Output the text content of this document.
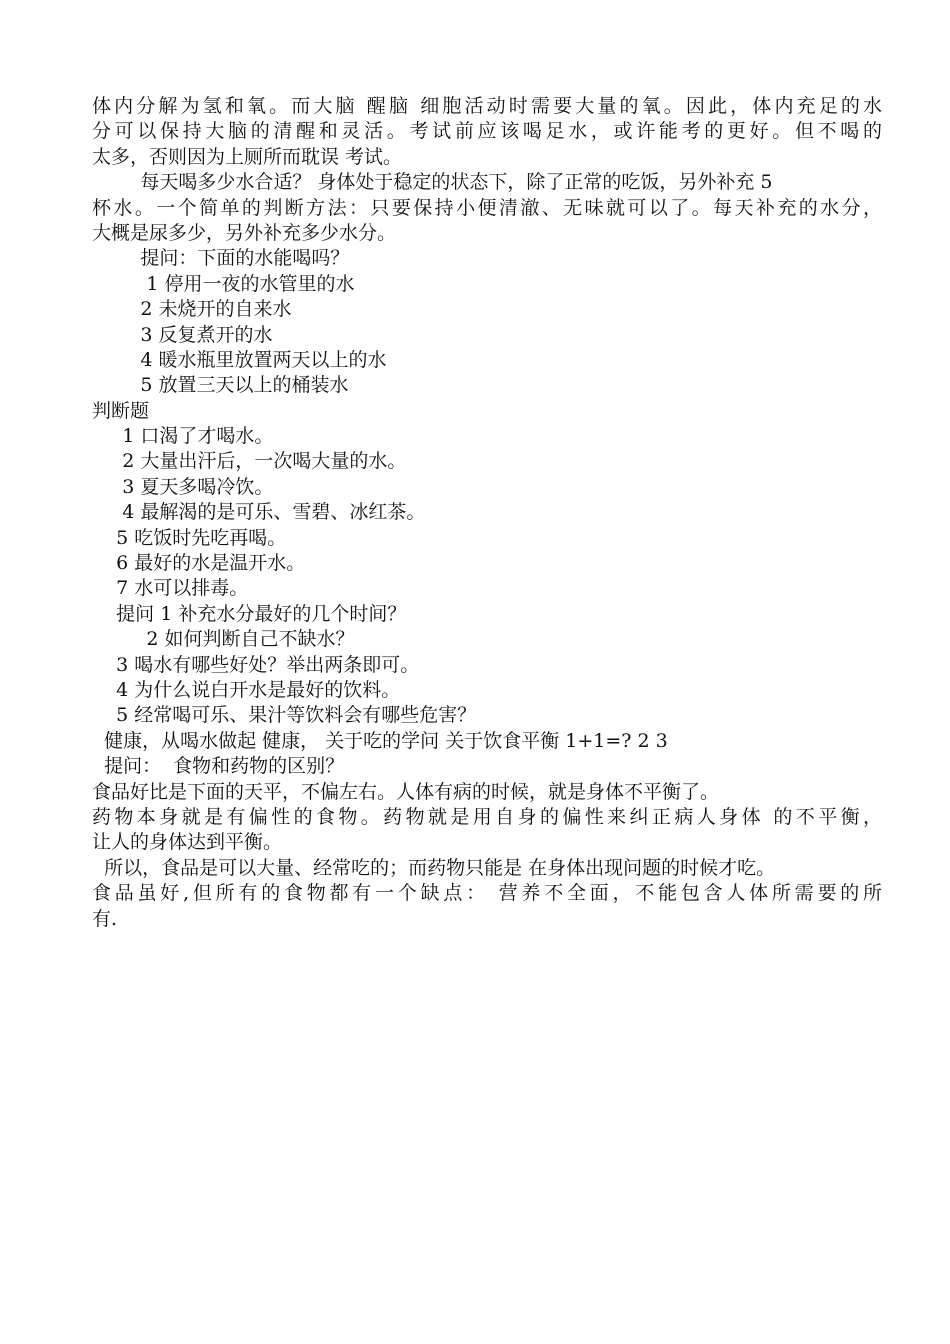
体内分解为氢和氧。而大脑 醒脑 细胞活动时需要大量的氧。因此，体内充足的水
分可以保持大脑的清醒和灵活。考试前应该喝足水，或许能考的更好。但不喝的
太多，否则因为上厕所而耽误 考试。
每天喝多少水合适？ 身体处于稳定的状态下，除了正常的吃饭，另外补充 5
杯水。一个简单的判断方法：只要保持小便清澈、无味就可以了。每天补充的水分，
大概是尿多少，另外补充多少水分。
提问：下面的水能喝吗？
1 停用一夜的水管里的水
2 未烧开的自来水
3 反复煮开的水
4 暖水瓶里放置两天以上的水
5 放置三天以上的桶装水
判断题
1 口渴了才喝水。
2 大量出汗后，一次喝大量的水。
3 夏天多喝冷饮。
4 最解渴的是可乐、雪碧、冰红茶。
5 吃饭时先吃再喝。
6 最好的水是温开水。
7 水可以排毒。
提问 1 补充水分最好的几个时间？
2 如何判断自己不缺水？
3 喝水有哪些好处？举出两条即可。
4 为什么说白开水是最好的饮料。
5 经常喝可乐、果汁等饮料会有哪些危害？
健康，从喝水做起 健康， 关于吃的学问 关于饮食平衡 1+1=? 2 3
提问：  食物和药物的区别？
食品好比是下面的天平，不偏左右。人体有病的时候，就是身体不平衡了。
药物本身就是有偏性的食物。药物就是用自身的偏性来纠正病人身体 的不平衡，
让人的身体达到平衡。
所以，食品是可以大量、经常吃的；而药物只能是 在身体出现问题的时候才吃。
食品虽好,但所有的食物都有一个缺点： 营养不全面，不能包含人体所需要的所
有.
